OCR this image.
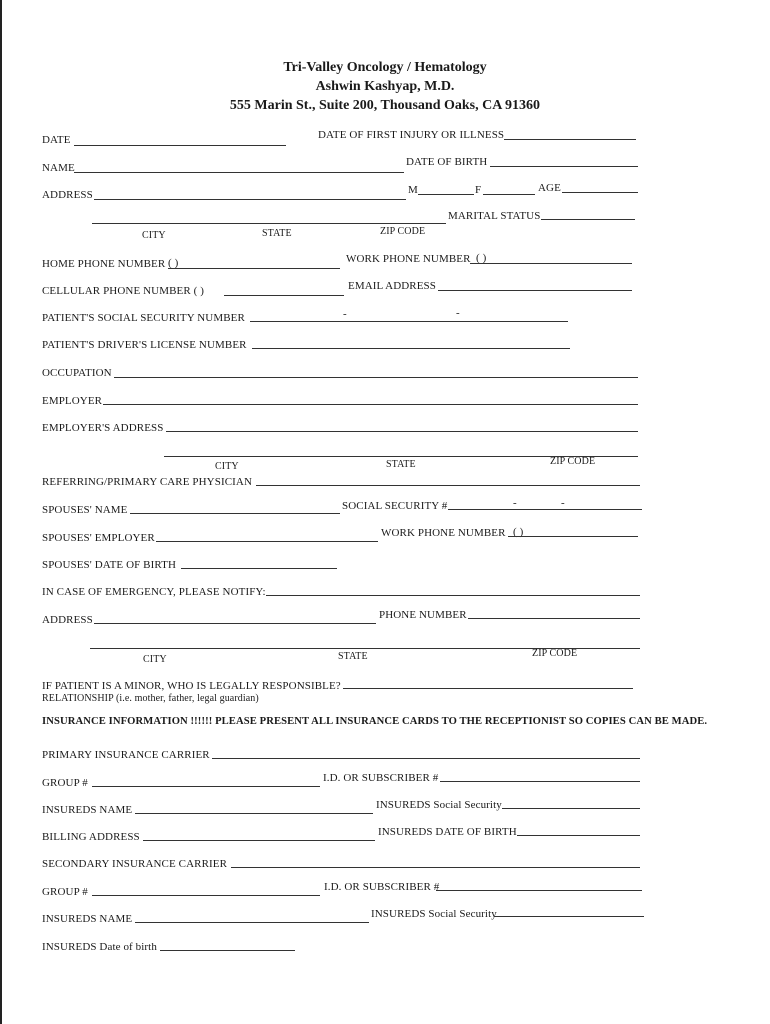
Tri-Valley Oncology / Hematology
Ashwin Kashyap, M.D.
555 Marin St., Suite 200, Thousand Oaks, CA 91360
DATE	DATE OF FIRST INJURY OR ILLNESS
NAME	DATE OF BIRTH
ADDRESS	M	F	AGE
MARITAL STATUS
CITY	STATE	ZIP CODE
HOME PHONE NUMBER ( )	WORK PHONE NUMBER ( )
CELLULAR PHONE NUMBER ( )	EMAIL ADDRESS
PATIENT'S SOCIAL SECURITY NUMBER	-	-
PATIENT'S DRIVER'S LICENSE NUMBER
OCCUPATION
EMPLOYER
EMPLOYER'S ADDRESS
CITY	STATE	ZIP CODE
REFERRING/PRIMARY CARE PHYSICIAN
SPOUSES' NAME	SOCIAL SECURITY #	-	-
SPOUSES' EMPLOYER	WORK PHONE NUMBER ( )
SPOUSES' DATE OF BIRTH
IN CASE OF EMERGENCY, PLEASE NOTIFY:
ADDRESS	PHONE NUMBER
CITY	STATE	ZIP CODE
IF PATIENT IS A MINOR, WHO IS LEGALLY RESPONSIBLE?
RELATIONSHIP (i.e. mother, father, legal guardian)
INSURANCE INFORMATION !!!!!! PLEASE PRESENT ALL INSURANCE CARDS TO THE RECEPTIONIST SO COPIES CAN BE MADE.
PRIMARY INSURANCE CARRIER
GROUP #	I.D. OR SUBSCRIBER #
INSUREDS NAME	INSUREDS Social Security
BILLING ADDRESS	INSUREDS DATE OF BIRTH
SECONDARY INSURANCE CARRIER
GROUP #	I.D. OR SUBSCRIBER #
INSUREDS NAME	INSUREDS Social Security
INSUREDS Date of birth
